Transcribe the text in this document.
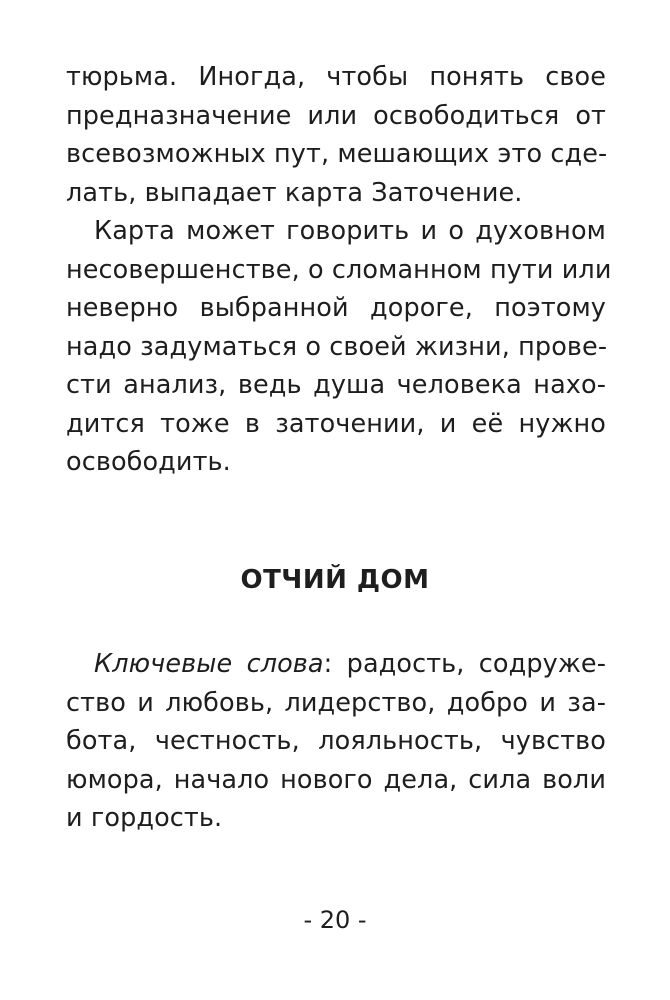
тюрьма. Иногда, чтобы понять свое
предназначение или освободиться от
всевозможных пут, мешающих это сде-
лать, выпадает карта Заточение.
Карта может говорить и о духовном
несовершенстве, о сломанном пути или
неверно выбранной дороге, поэтому
надо задуматься о своей жизни, прове-
сти анализ, ведь душа человека нахо-
дится тоже в заточении, и её нужно
освободить.
ОТЧИЙ ДОМ
Ключевые слова: радость, содруже-
ство и любовь, лидерство, добро и за-
бота, честность, лояльность, чувство
юмора, начало нового дела, сила воли
и гордость.
- 20 -
